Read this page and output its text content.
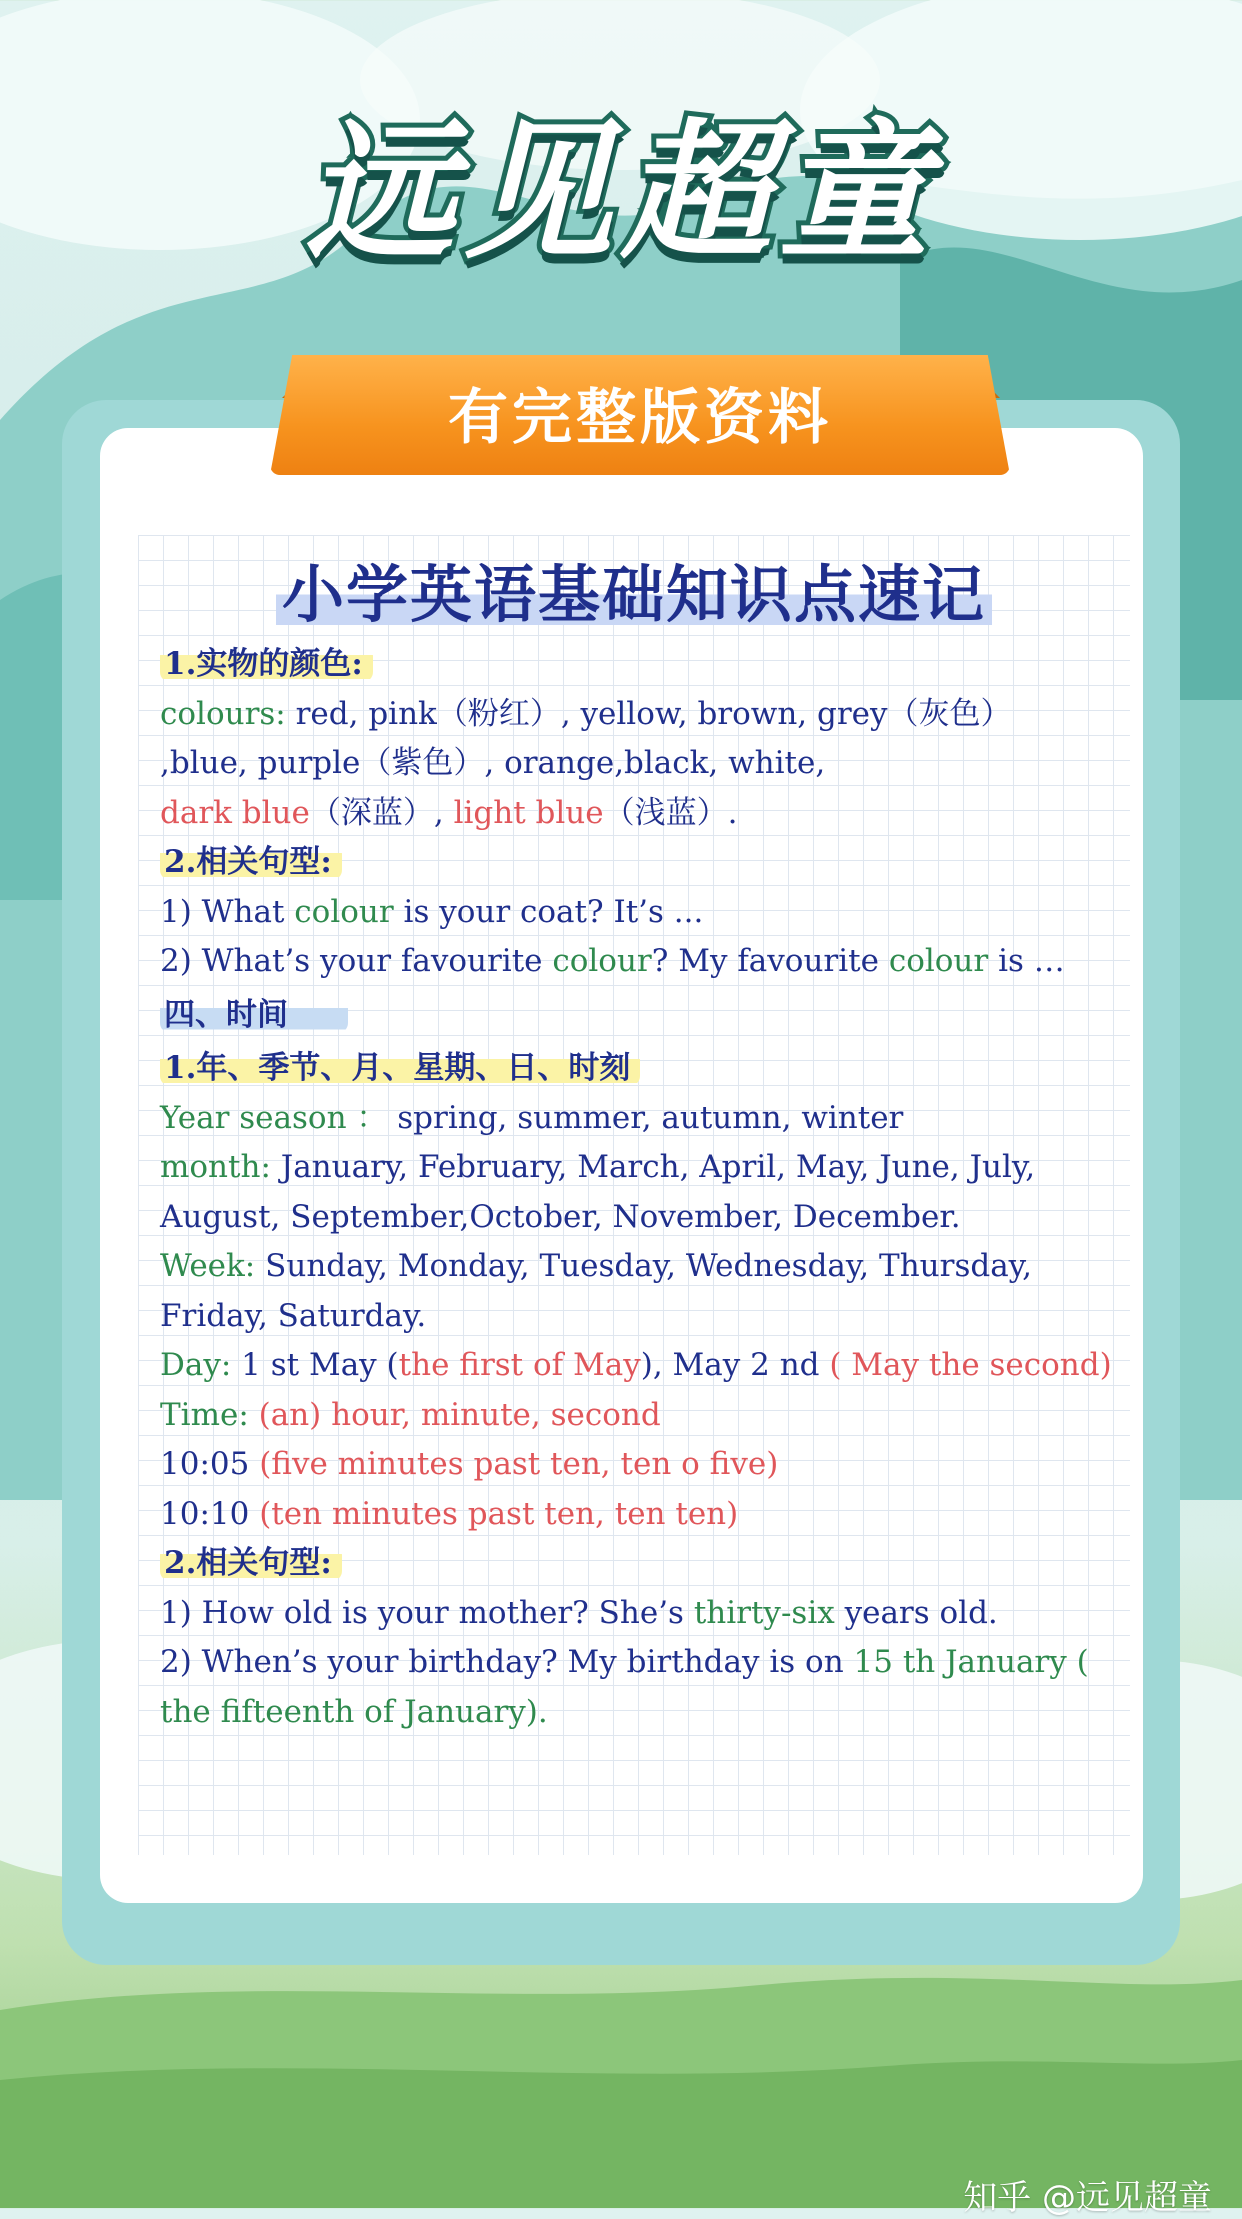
远见超童
有完整版资料
小学英语基础知识点速记
1.实物的颜色:
colours: red, pink（粉红）, yellow, brown, grey（灰色）
,blue, purple（紫色）, orange,black, white,
dark blue（深蓝）, light blue（浅蓝）.
2.相关句型:
1) What colour is your coat? It’s ...
2) What’s your favourite colour? My favourite colour is …
四、时间
1.年、季节、月、星期、日、时刻
Year season ： spring, summer, autumn, winter
month: January, February, March, April, May, June, July,
August, September,October, November, December.
Week: Sunday, Monday, Tuesday, Wednesday, Thursday,
Friday, Saturday.
Day: 1 st May (the first of May), May 2 nd ( May the second)
Time: (an) hour, minute, second
10:05 (five minutes past ten, ten o five)
10:10 (ten minutes past ten, ten ten)
2.相关句型:
1) How old is your mother? She’s thirty-six years old.
2) When’s your birthday? My birthday is on 15 th January (
the fifteenth of January).
知乎 @远见超童
